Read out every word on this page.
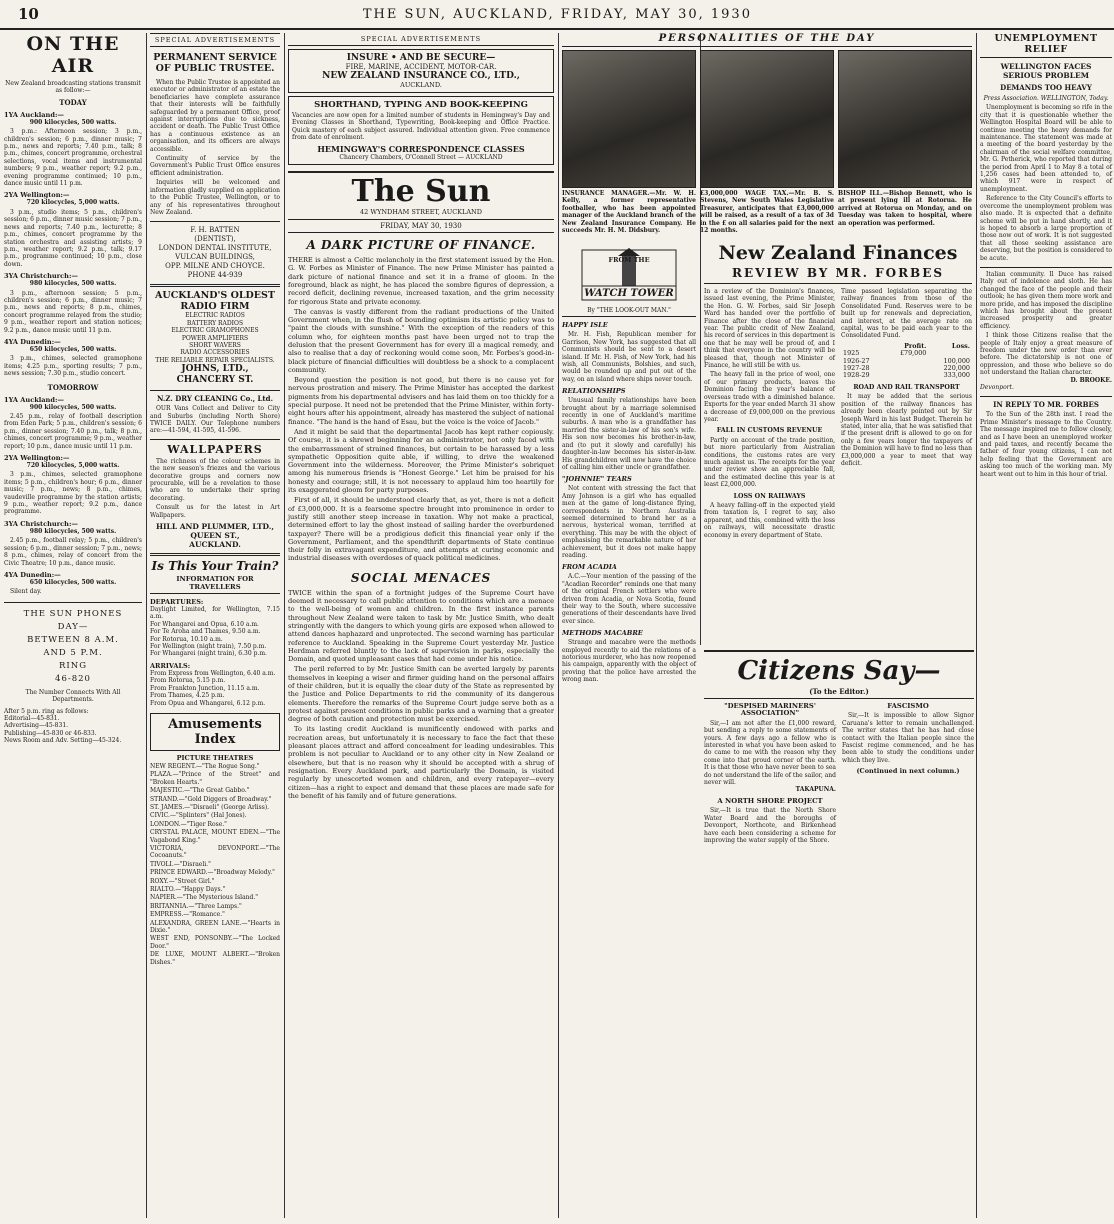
10	THE SUN, AUCKLAND, FRIDAY, MAY 30, 1930
ON THE AIR
New Zealand broadcasting stations transmit as follow:—
TODAY
1YA Auckland:—
900 kilocycles, 500 watts.

3 p.m.: Afternoon session; 3 p.m., children's session; 6 p.m., dinner music; 7 p.m., news and reports; 7.40 p.m., talk; 8 p.m., chimes, concert programme, orchestral selections, vocal items and instrumental numbers; 9 p.m., weather report; 9.2 p.m., evening programme continued; 10 p.m., dance music until 11 p.m.

2YA Wellington:—
720 kilocycles, 5,000 watts.

3 p.m., studio items; 5 p.m., children's session; 6 p.m., dinner music session; 7 p.m., news and reports; 7.40 p.m., lecturette; 8 p.m., chimes, concert programme by the station orchestra and assisting artists; 9 p.m., weather report; 9.2 p.m., talk; 9.17 p.m., programme continued; 10 p.m., close down.

3YA Christchurch:—
980 kilocycles, 500 watts.

3 p.m., afternoon session; 5 p.m., children's session; 6 p.m., dinner music; 7 p.m., news and reports; 8 p.m., chimes, concert programme relayed from the studio; 9 p.m., weather report and station notices; 9.2 p.m., dance music until 11 p.m.

4YA Dunedin:—
650 kilocycles, 500 watts.

3 p.m., chimes, selected gramophone items; 4.25 p.m., sporting results; 7 p.m., news session; 7.30 p.m., studio concert.

TOMORROW
1YA Auckland:—
900 kilocycles, 500 watts.

2.45 p.m., relay of football description from Eden Park; 5 p.m., children's session; 6 p.m., dinner session; 7.40 p.m., talk; 8 p.m., chimes, concert programme; 9 p.m., weather report; 10 p.m., dance music until 11 p.m.

2YA Wellington:—
720 kilocycles, 5,000 watts.

3 p.m., chimes, selected gramophone items; 5 p.m., children's hour; 6 p.m., dinner music; 7 p.m., news; 8 p.m., chimes, vaudeville programme by the station artists; 9 p.m., weather report; 9.2 p.m., dance programme.

3YA Christchurch:—
980 kilocycles, 500 watts.

2.45 p.m., football relay; 5 p.m., children's session; 6 p.m., dinner session; 7 p.m., news; 8 p.m., chimes, relay of concert from the Civic Theatre; 10 p.m., dance music.

4YA Dunedin:—
650 kilocycles, 500 watts.

Silent day.

THE SUN PHONES
DAY—
BETWEEN 8 A.M.
AND 5 P.M.
RING
46-820
The Number Connects With All Departments.
After 5 p.m. ring as follows:
Editorial—45-831.
Advertising—45-831.
Publishing—45-830 or 46-833.
News Room and Adv. Setting—45-324.
SPECIAL ADVERTISEMENTS
PERMANENT SERVICE OF PUBLIC TRUSTEE.
When the Public Trustee is appointed an executor or administrator of an estate the beneficiaries have complete assurance that their interests will be faithfully safeguarded by a permanent Office, proof against interruptions due to sickness, accident or death. The Public Trust Office has a continuous existence as an organisation, and its officers are always accessible.
Continuity of service by the Government's Public Trust Office ensures efficient administration.
Inquiries will be welcomed and information gladly supplied on application to the Public Trustee, Wellington, or to any of his representatives throughout New Zealand.
F. H. BATTEN
(DENTIST),
LONDON DENTAL INSTITUTE,
VULCAN BUILDINGS,
OPP. MILNE AND CHOYCE.
PHONE 44-939
AUCKLAND'S OLDEST RADIO FIRM
ELECTRIC RADIOS
BATTERY RADIOS
ELECTRIC GRAMOPHONES
POWER AMPLIFIERS
SHORT WAVERS
RADIO ACCESSORIES
THE RELIABLE REPAIR SPECIALISTS.
JOHNS, LTD.,
CHANCERY ST.
N.Z. DRY CLEANING Co., Ltd.
OUR Vans Collect and Deliver to City and Suburbs (including North Shore) TWICE DAILY. Our Telephone numbers are:—41-594, 41-595, 41-596.
WALLPAPERS
The richness of the colour schemes in the new season's friezes and the various decorative groups and corners now procurable, will be a revelation to those who are to undertake their spring decorating.
Consult us for the latest in Art Wallpapers.
HILL AND PLUMMER, LTD.,
QUEEN ST.,
AUCKLAND.
Is This Your Train?
INFORMATION FOR TRAVELLERS
DEPARTURES:
Daylight Limited, for Wellington, 7.15 a.m.
For Whangarei and Opua, 6.10 a.m.
For Te Aroha and Thames, 9.50 a.m.
For Rotorua, 10.10 a.m.
For Wellington (night train), 7.50 p.m.
For Whangarei (night train), 6.30 p.m.
ARRIVALS:
From Express from Wellington, 6.40 a.m.
From Rotorua, 5.15 p.m.
From Frankton Junction, 11.15 a.m.
From Thames, 4.25 p.m.
From Opua and Whangarei, 6.12 p.m.
Amusements Index
PICTURE THEATRES
NEW REGENT.—"The Rogue Song."
PLAZA.—"Prince of the Street" and "Broken Hearts."
MAJESTIC.—"The Great Gabbo."
STRAND.—"Gold Diggers of Broadway."
ST. JAMES.—"Disraeli" (George Arliss).
CIVIC.—"Splinters" (Hal Jones).
LONDON.—"Tiger Rose."
CRYSTAL PALACE, MOUNT EDEN.—"The Vagabond King."
VICTORIA, DEVONPORT.—"The Cocoanuts."
TIVOLI.—"Disraeli."
PRINCE EDWARD.—"Broadway Melody."
ROXY.—"Street Girl."
RIALTO.—"Happy Days."
NAPIER.—"The Mysterious Island."
BRITANNIA.—"Three Lamps."
EMPRESS.—"Romance."
ALEXANDRA, GREEN LANE.—"Hearts in Dixie."
WEST END, PONSONBY.—"The Locked Door."
DE LUXE, MOUNT ALBERT.—"Broken Dishes."
SPECIAL ADVERTISEMENTS
INSURE • AND BE SECURE—
FIRE, MARINE, ACCIDENT, MOTOR-CAR.
NEW ZEALAND INSURANCE CO., LTD.,
AUCKLAND.
SHORTHAND, TYPING AND BOOK-KEEPING
Vacancies are now open for a limited number of students in Hemingway's Day and Evening Classes in Shorthand, Typewriting, Book-keeping and Office Practice. Quick mastery of each subject assured. Individual attention given. Free commence from date of enrolment.
HEMINGWAY'S CORRESPONDENCE CLASSES
Chancery Chambers, O'Connell Street — AUCKLAND
The Sun
42 WYNDHAM STREET, AUCKLAND
FRIDAY, MAY 30, 1930
A DARK PICTURE OF FINANCE.

THERE is almost a Celtic melancholy in the first statement issued by the Hon. G. W. Forbes as Minister of Finance. The new Prime Minister has painted a dark picture of national finance and set it in a frame of gloom. In the foreground, black as night, he has placed the sombre figures of depression, a record deficit, declining revenue, increased taxation, and the grim necessity for rigorous State and private economy.

The canvas is vastly different from the radiant productions of the United Government when, in the flush of bounding optimism its artistic policy was to "paint the clouds with sunshine." With the exception of the readers of this column who, for eighteen months past have been urged not to trap the delusion that the present Government has for every ill a magical remedy, and also to realise that a day of reckoning would come soon, Mr. Forbes's good-in-black picture of financial difficulties will doubtless be a shock to a complacent community.

Beyond question the position is not good, but there is no cause yet for nervous prostration and misery. The Prime Minister has accepted the darkest pigments from his departmental advisers and has laid them on too thickly for a special purpose. It need not be pretended that the Prime Minister, within forty-eight hours after his appointment, already has mastered the subject of national finance. "The hand is the hand of Esau, but the voice is the voice of Jacob."

And it might be said that the departmental Jacob has kept rather copiously. Of course, it is a shrewd beginning for an administrator, not only faced with the embarrassment of strained finances, but certain to be harassed by a less sympathetic Opposition quite able, if willing, to drive the weakened Government into the wilderness. Moreover, the Prime Minister's sobriquet among his numerous friends is "Honest George." Let him be praised for his honesty and courage; still, it is not necessary to applaud him too heartily for its exaggerated gloom for party purposes.

First of all, it should be understood clearly that, as yet, there is not a deficit of £3,000,000. It is a fearsome spectre brought into prominence in order to justify still another steep increase in taxation. Why not make a practical, determined effort to lay the ghost instead of sailing harder the overburdened taxpayer? There will be a prodigious deficit this financial year only if the Government, Parliament, and the spendthrift departments of State continue their folly in extravagant expenditure, and attempts at curing economic and industrial diseases with overdoses of quack political medicines.

SOCIAL MENACES

TWICE within the span of a fortnight judges of the Supreme Court have deemed it necessary to call public attention to conditions which are a menace to the well-being of women and children. In the first instance parents throughout New Zealand were taken to task by Mr. Justice Smith, who dealt stringently with the dangers to which young girls are exposed when allowed to attend dances haphazard and unprotected. The second warning has particular reference to Auckland. Speaking in the Supreme Court yesterday Mr. Justice Herdman referred bluntly to the lack of supervision in parks, especially the Domain, and quoted unpleasant cases that had come under his notice.

The peril referred to by Mr. Justice Smith can be averted largely by parents themselves in keeping a wiser and firmer guiding hand on the personal affairs of their children, but it is equally the clear duty of the State as represented by the Justice and Police Departments to rid the community of its dangerous elements. Therefore the remarks of the Supreme Court judge serve both as a protest against present conditions in public parks and a warning that a greater degree of both caution and protection must be exercised.

To its lasting credit Auckland is munificently endowed with parks and recreation areas, but unfortunately it is necessary to face the fact that these pleasant places attract and afford concealment for leading undesirables. This problem is not peculiar to Auckland or to any other city in New Zealand or elsewhere, but that is no reason why it should be accepted with a shrug of resignation. Every Auckland park, and particularly the Domain, is visited regularly by unescorted women and children, and every ratepayer—every citizen—has a right to expect and demand that these places are made safe for the benefit of his family and of future generations.

PERSONALITIES OF THE DAY
INSURANCE MANAGER.—Mr. W. H. Kelly, a former representative footballer, who has been appointed manager of the Auckland branch of the New Zealand Insurance Company. He succeeds Mr. H. M. Didsbury.
£3,000,000 WAGE TAX.—Mr. B. S. Stevens, New South Wales Legislative Treasurer, anticipates that £3,000,000 will be raised, as a result of a tax of 3d in the £ on all salaries paid for the next 12 months.
BISHOP ILL.—Bishop Bennett, who is at present lying ill at Rotorua. He arrived at Rotorua on Monday, and on Tuesday was taken to hospital, where an operation was performed.
FROM THE
WATCH TOWER
By "THE LOOK-OUT MAN."
HAPPY ISLE

Mr. H. Fish, Republican member for Garrison, New York, has suggested that all Communists should be sent to a desert island. If Mr. H. Fish, of New York, had his wish, all Communists, Bolshies, and such, would be rounded up and put out of the way, on an island where ships never touch.

RELATIONSHIPS

Unusual family relationships have been brought about by a marriage solemnised recently in one of Auckland's maritime suburbs. A man who is a grandfather has married the sister-in-law of his son's wife. His son now becomes his brother-in-law, and (to put it slowly and carefully) his daughter-in-law becomes his sister-in-law. His grandchildren will now have the choice of calling him either uncle or grandfather.

"JOHNNIE" TEARS

Not content with stressing the fact that Amy Johnson is a girl who has equalled men at the game of long-distance flying, correspondents in Northern Australia seemed determined to brand her as a nervous, hysterical woman, terrified at everything. This may be with the object of emphasising the remarkable nature of her achievement, but it does not make happy reading.

FROM ACADIA

A.C.—Your mention of the passing of the "Acadian Recorder" reminds one that many of the original French settlers who were driven from Acadia, or Nova Scotia, found their way to the South, where successive generations of their descendants have lived ever since.

METHODS MACABRE

Strange and macabre were the methods employed recently to aid the relations of a notorious murderer, who has now reopened his campaign, apparently with the object of proving that the police have arrested the wrong man.

New Zealand Finances
REVIEW BY MR. FORBES

In a review of the Dominion's finances, issued last evening, the Prime Minister, the Hon. G. W. Forbes, said Sir Joseph Ward has handed over the portfolio of Finance after the close of the financial year. The public credit of New Zealand, his record of services in this department is one that he may well be proud of, and I think that everyone in the country will be pleased that, though not Minister of Finance, he will still be with us.

The heavy fall in the price of wool, one of our primary products, leaves the Dominion facing the year's balance of overseas trade with a diminished balance. Exports for the year ended March 31 show a decrease of £9,000,000 on the previous year.

FALL IN CUSTOMS REVENUE

Partly on account of the trade position, but more particularly from Australian conditions, the customs rates are very much against us. The receipts for the year under review show an appreciable fall, and the estimated decline this year is at least £2,000,000.

LOSS ON RAILWAYS

A heavy falling-off in the expected yield from taxation is, I regret to say, also apparent, and this, combined with the loss on railways, will necessitate drastic economy in every department of State.

Time passed legislation separating the railway finances from those of the Consolidated Fund. Reserves were to be built up for renewals and depreciation, and interest, at the average rate on capital, was to be paid each year to the Consolidated Fund.

	Profit.	Loss.
1925	£79,000	
1926-27		100,000
1927-28		220,000
1928-29		333,000
ROAD AND RAIL TRANSPORT

It may be added that the serious position of the railway finances has already been clearly pointed out by Sir Joseph Ward in his last Budget. Therein he stated, inter alia, that he was satisfied that if the present drift is allowed to go on for only a few years longer the taxpayers of the Dominion will have to find no less than £3,000,000 a year to meet that way deficit.

Citizens Say—
(To the Editor.)
"DESPISED MARINERS' ASSOCIATION"

Sir,—I am not after the £1,000 reward, but sending a reply to some statements of yours. A few days ago a fellow who is interested in what you have been asked to do came to me with the reason why they come into that proud corner of the earth. It is that those who have never been to sea do not understand the life of the sailor, and never will.

TAKAPUNA.
A NORTH SHORE PROJECT

Sir,—It is true that the North Shore Water Board and the boroughs of Devonport, Northcote, and Birkenhead have each been considering a scheme for improving the water supply of the Shore.

FASCISMO

Sir,—It is impossible to allow Signor Caruana's letter to remain unchallenged. The writer states that he has had close contact with the Italian people since the Fascist regime commenced, and he has been able to study the conditions under which they live.

(Continued in next column.)
UNEMPLOYMENT RELIEF
WELLINGTON FACES SERIOUS PROBLEM
DEMANDS TOO HEAVY
Press Association. WELLINGTON, Today.

Unemployment is becoming so rife in the city that it is questionable whether the Wellington Hospital Board will be able to continue meeting the heavy demands for maintenance. The statement was made at a meeting of the board yesterday by the chairman of the social welfare committee, Mr. G. Petherick, who reported that during the period from April 1 to May 8 a total of 1,256 cases had been attended to, of which 917 were in respect of unemployment.

Reference to the City Council's efforts to overcome the unemployment problem was also made. It is expected that a definite scheme will be put in hand shortly, and it is hoped to absorb a large proportion of those now out of work. It is not suggested that all those seeking assistance are deserving, but the position is considered to be acute.

Italian community. Il Duce has raised Italy out of indolence and sloth. He has changed the face of the people and their outlook; he has given them more work and more pride, and has imposed the discipline which has brought about the present increased prosperity and greater efficiency.

I think those Citizens realise that the people of Italy enjoy a great measure of freedom under the new order than ever before. The dictatorship is not one of oppression, and those who believe so do not understand the Italian character.

D. BROOKE.
Devonport.
IN REPLY TO MR. FORBES

To the Sun of the 28th inst. I read the Prime Minister's message to the Country. The message inspired me to follow closely, and as I have been an unemployed worker and paid taxes, and recently became the father of four young citizens, I can not help feeling that the Government are asking too much of the working man. My heart went out to him in this hour of trial.
